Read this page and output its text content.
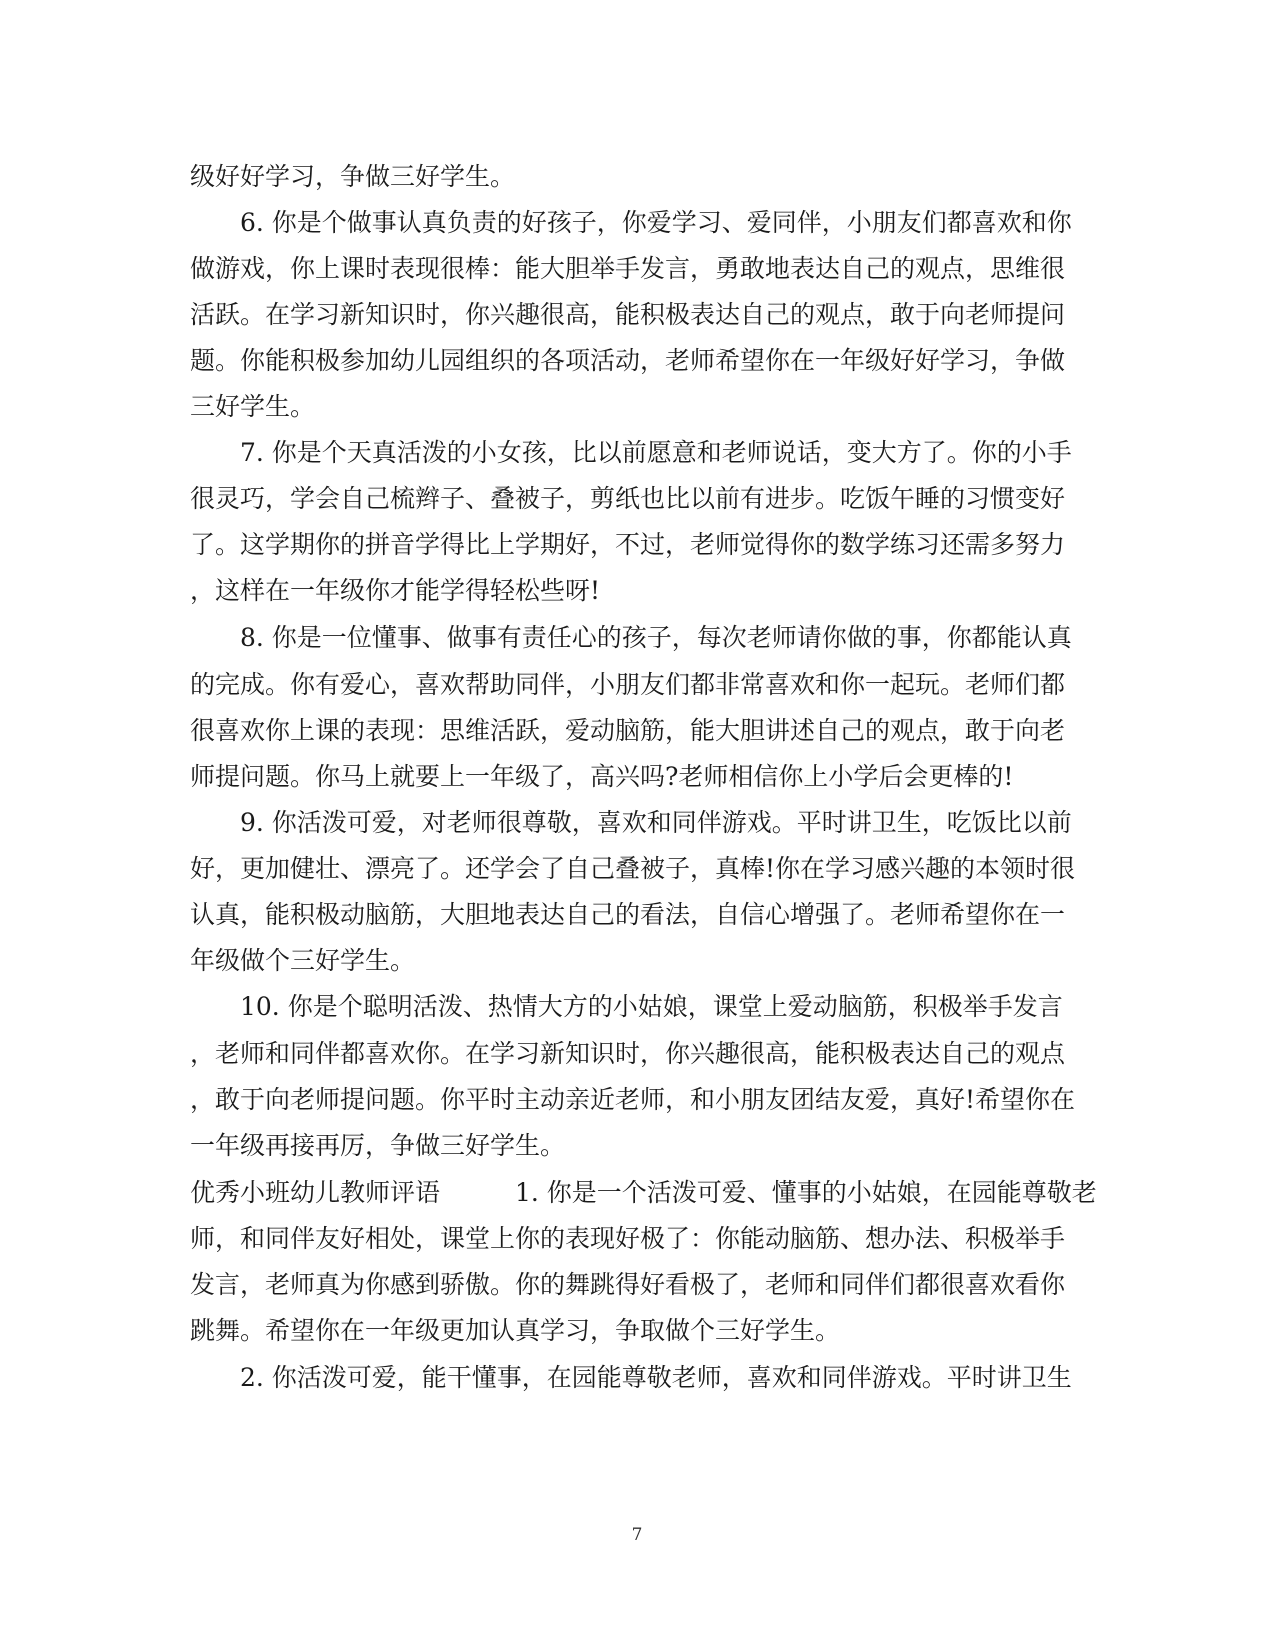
级好好学习，争做三好学生。
6. 你是个做事认真负责的好孩子，你爱学习、爱同伴，小朋友们都喜欢和你
做游戏，你上课时表现很棒：能大胆举手发言，勇敢地表达自己的观点，思维很
活跃。在学习新知识时，你兴趣很高，能积极表达自己的观点，敢于向老师提问
题。你能积极参加幼儿园组织的各项活动，老师希望你在一年级好好学习，争做
三好学生。
7. 你是个天真活泼的小女孩，比以前愿意和老师说话，变大方了。你的小手
很灵巧，学会自己梳辫子、叠被子，剪纸也比以前有进步。吃饭午睡的习惯变好
了。这学期你的拼音学得比上学期好，不过，老师觉得你的数学练习还需多努力
，这样在一年级你才能学得轻松些呀!
8. 你是一位懂事、做事有责任心的孩子，每次老师请你做的事，你都能认真
的完成。你有爱心，喜欢帮助同伴，小朋友们都非常喜欢和你一起玩。老师们都
很喜欢你上课的表现：思维活跃，爱动脑筋，能大胆讲述自己的观点，敢于向老
师提问题。你马上就要上一年级了，高兴吗?老师相信你上小学后会更棒的!
9. 你活泼可爱，对老师很尊敬，喜欢和同伴游戏。平时讲卫生，吃饭比以前
好，更加健壮、漂亮了。还学会了自己叠被子，真棒!你在学习感兴趣的本领时很
认真，能积极动脑筋，大胆地表达自己的看法，自信心增强了。老师希望你在一
年级做个三好学生。
10. 你是个聪明活泼、热情大方的小姑娘，课堂上爱动脑筋，积极举手发言
，老师和同伴都喜欢你。在学习新知识时，你兴趣很高，能积极表达自己的观点
，敢于向老师提问题。你平时主动亲近老师，和小朋友团结友爱，真好!希望你在
一年级再接再厉，争做三好学生。
优秀小班幼儿教师评语　　　1. 你是一个活泼可爱、懂事的小姑娘，在园能尊敬老
师，和同伴友好相处，课堂上你的表现好极了：你能动脑筋、想办法、积极举手
发言，老师真为你感到骄傲。你的舞跳得好看极了，老师和同伴们都很喜欢看你
跳舞。希望你在一年级更加认真学习，争取做个三好学生。
2. 你活泼可爱，能干懂事，在园能尊敬老师，喜欢和同伴游戏。平时讲卫生
7
